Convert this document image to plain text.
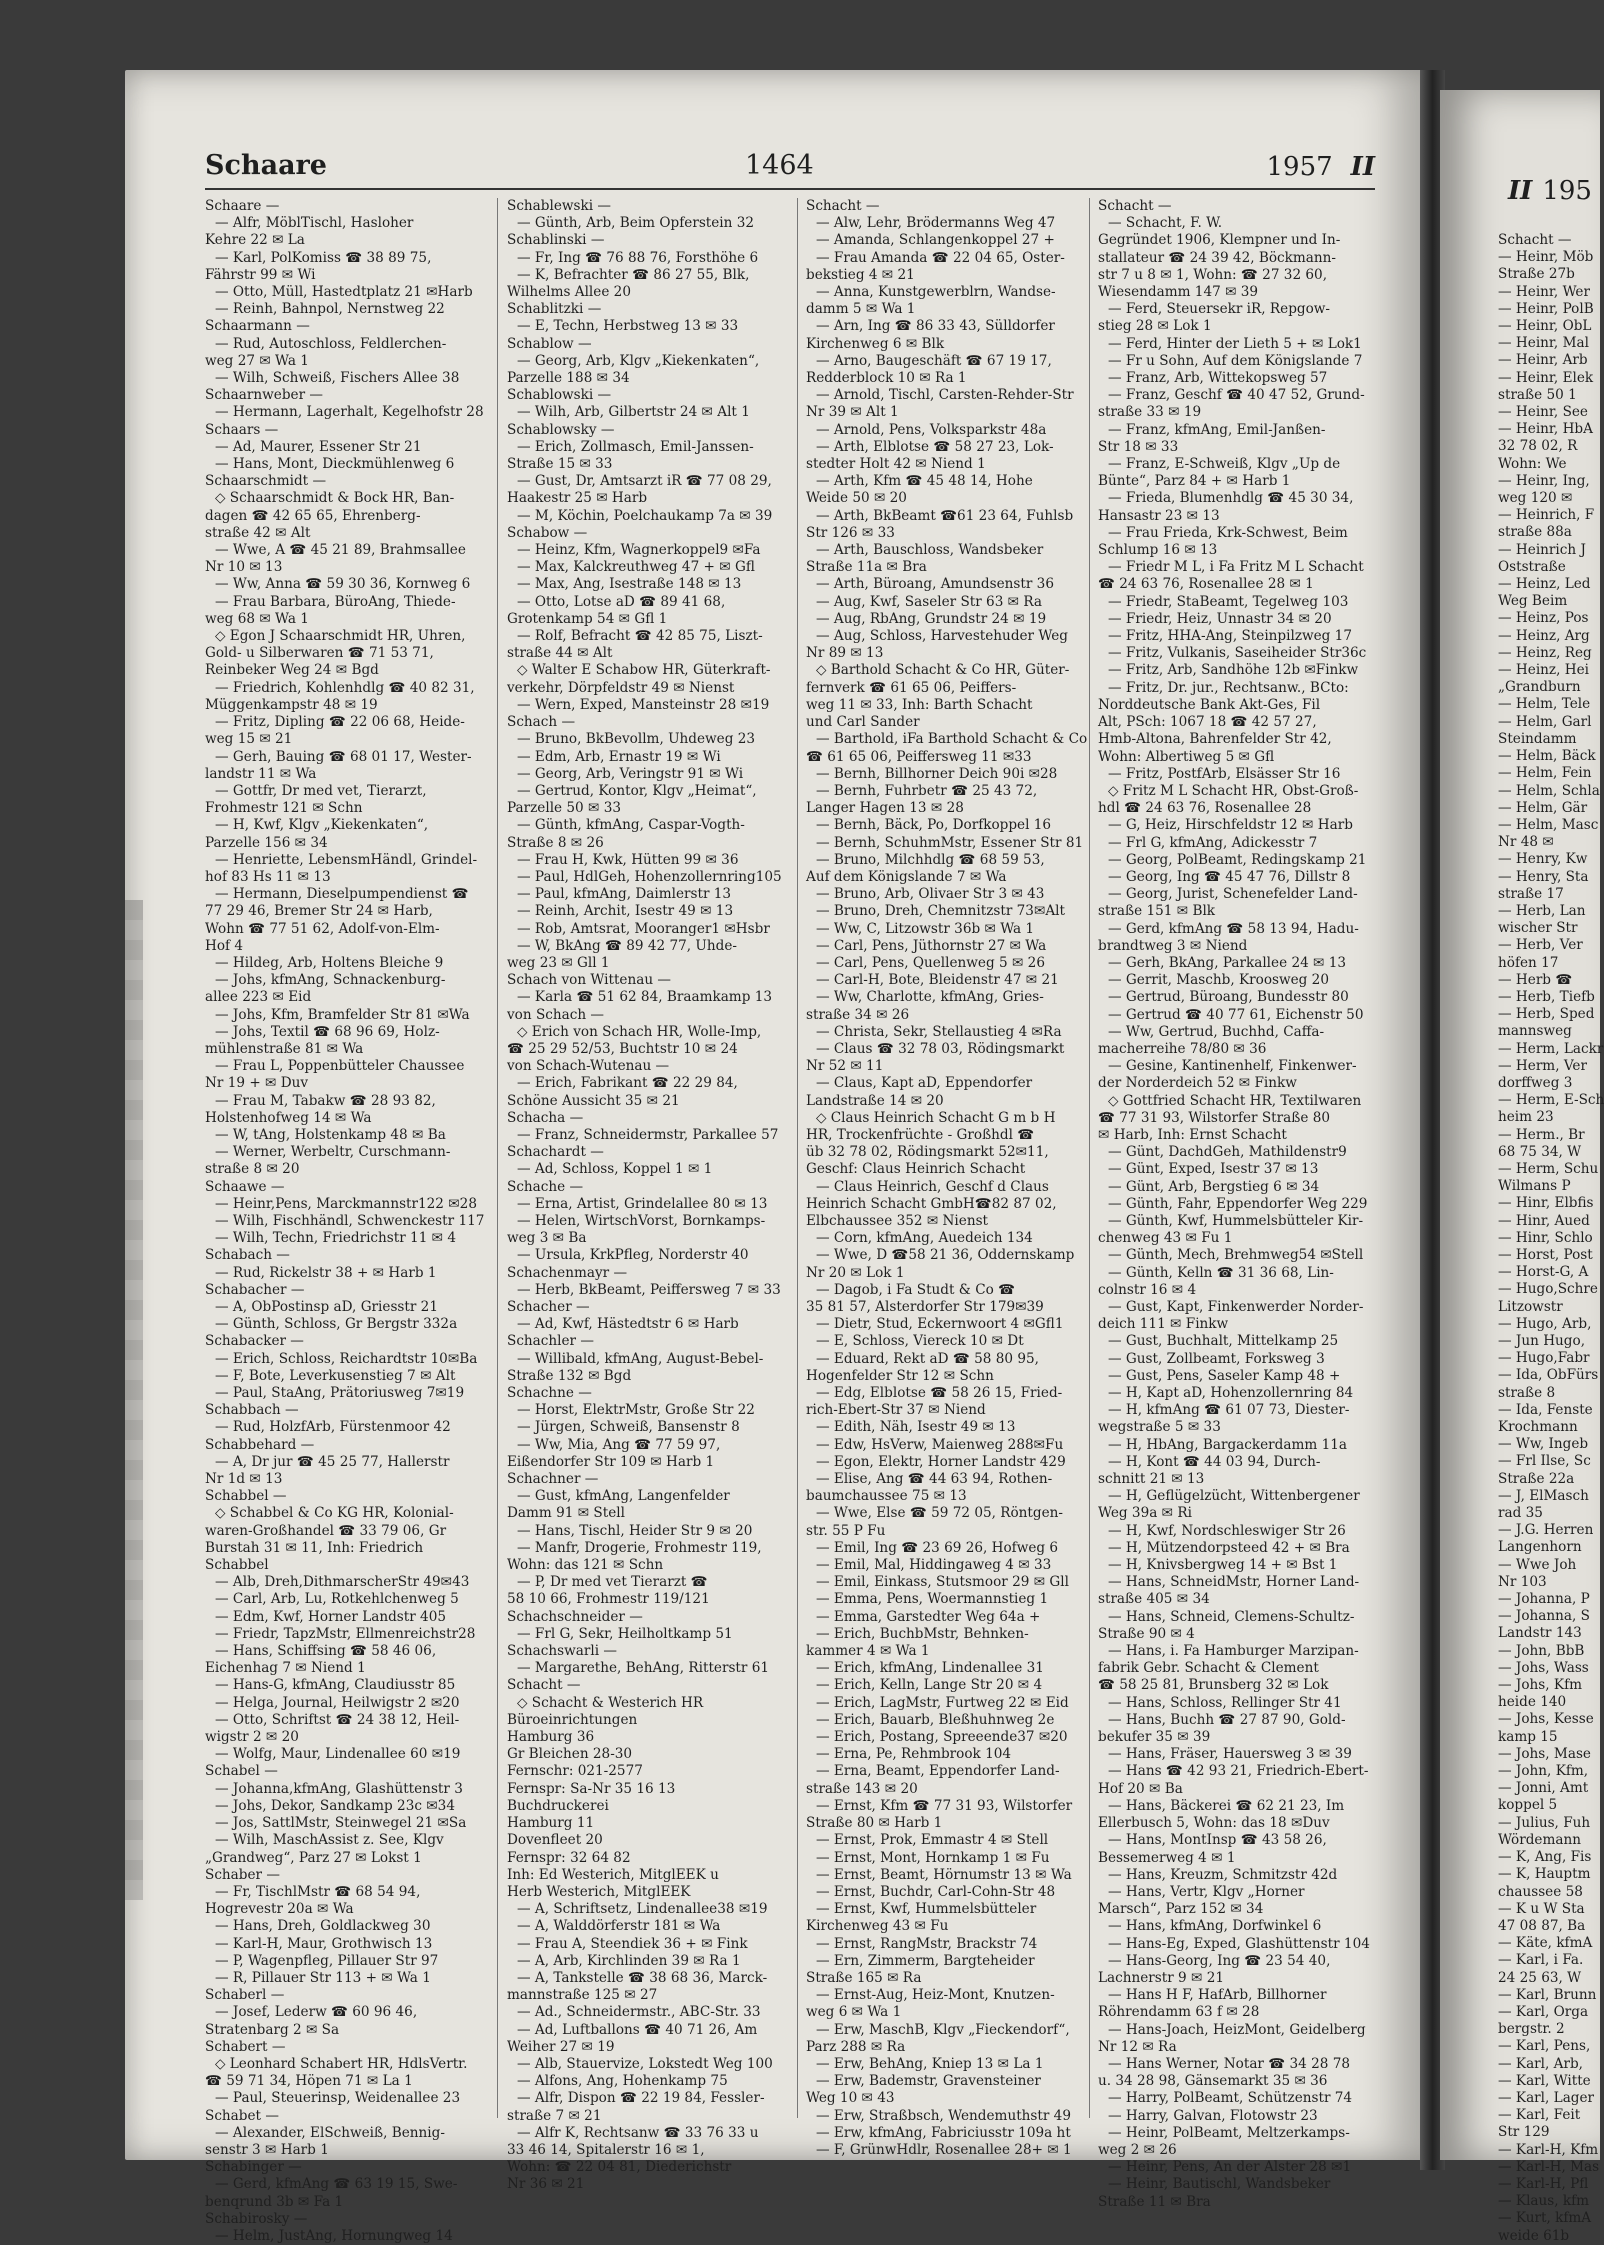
Schaare	1464	1957 II
Schaare —
— Alfr, MöblTischl, Hasloher
Kehre 22 ✉ La
— Karl, PolKomiss ☎ 38 89 75,
Fährstr 99 ✉ Wi
— Otto, Müll, Hastedtplatz 21 ✉Harb
— Reinh, Bahnpol, Nernstweg 22
Schaarmann —
— Rud, Autoschloss, Feldlerchen-
weg 27 ✉ Wa 1
— Wilh, Schweiß, Fischers Allee 38
Schaarnweber —
— Hermann, Lagerhalt, Kegelhofstr 28
Schaars —
— Ad, Maurer, Essener Str 21
— Hans, Mont, Dieckmühlenweg 6
Schaarschmidt —
◇ Schaarschmidt & Bock HR, Ban-
dagen ☎ 42 65 65, Ehrenberg-
straße 42 ✉ Alt
— Wwe, A ☎ 45 21 89, Brahmsallee
Nr 10 ✉ 13
— Ww, Anna ☎ 59 30 36, Kornweg 6
— Frau Barbara, BüroAng, Thiede-
weg 68 ✉ Wa 1
◇ Egon J Schaarschmidt HR, Uhren,
Gold- u Silberwaren ☎ 71 53 71,
Reinbeker Weg 24 ✉ Bgd
— Friedrich, Kohlenhdlg ☎ 40 82 31,
Müggenkampstr 48 ✉ 19
— Fritz, Dipling ☎ 22 06 68, Heide-
weg 15 ✉ 21
— Gerh, Bauing ☎ 68 01 17, Wester-
landstr 11 ✉ Wa
— Gottfr, Dr med vet, Tierarzt,
Frohmestr 121 ✉ Schn
— H, Kwf, Klgv „Kiekenkaten“,
Parzelle 156 ✉ 34
— Henriette, LebensmHändl, Grindel-
hof 83 Hs 11 ✉ 13
— Hermann, Dieselpumpendienst ☎
77 29 46, Bremer Str 24 ✉ Harb,
Wohn ☎ 77 51 62, Adolf-von-Elm-
Hof 4
— Hildeg, Arb, Holtens Bleiche 9
— Johs, kfmAng, Schnackenburg-
allee 223 ✉ Eid
— Johs, Kfm, Bramfelder Str 81 ✉Wa
— Johs, Textil ☎ 68 96 69, Holz-
mühlenstraße 81 ✉ Wa
— Frau L, Poppenbütteler Chaussee
Nr 19 + ✉ Duv
— Frau M, Tabakw ☎ 28 93 82,
Holstenhofweg 14 ✉ Wa
— W, tAng, Holstenkamp 48 ✉ Ba
— Werner, Werbeltr, Curschmann-
straße 8 ✉ 20
Schaawe —
— Heinr,Pens, Marckmannstr122 ✉28
— Wilh, Fischhändl, Schwenckestr 117
— Wilh, Techn, Friedrichstr 11 ✉ 4
Schabach —
— Rud, Rickelstr 38 + ✉ Harb 1
Schabacher —
— A, ObPostinsp aD, Griesstr 21
— Günth, Schloss, Gr Bergstr 332a
Schabacker —
— Erich, Schloss, Reichardtstr 10✉Ba
— F, Bote, Leverkusenstieg 7 ✉ Alt
— Paul, StaAng, Prätoriusweg 7✉19
Schabbach —
— Rud, HolzfArb, Fürstenmoor 42
Schabbehard —
— A, Dr jur ☎ 45 25 77, Hallerstr
Nr 1d ✉ 13
Schabbel —
◇ Schabbel & Co KG HR, Kolonial-
waren-Großhandel ☎ 33 79 06, Gr
Burstah 31 ✉ 11, Inh: Friedrich
Schabbel
— Alb, Dreh,DithmarscherStr 49✉43
— Carl, Arb, Lu, Rotkehlchenweg 5
— Edm, Kwf, Horner Landstr 405
— Friedr, TapzMstr, Ellmenreichstr28
— Hans, Schiffsing ☎ 58 46 06,
Eichenhag 7 ✉ Niend 1
— Hans-G, kfmAng, Claudiusstr 85
— Helga, Journal, Heilwigstr 2 ✉20
— Otto, Schriftst ☎ 24 38 12, Heil-
wigstr 2 ✉ 20
— Wolfg, Maur, Lindenallee 60 ✉19
Schabel —
— Johanna,kfmAng, Glashüttenstr 3
— Johs, Dekor, Sandkamp 23c ✉34
— Jos, SattlMstr, Steinwegel 21 ✉Sa
— Wilh, MaschAssist z. See, Klgv
„Grandweg“, Parz 27 ✉ Lokst 1
Schaber —
— Fr, TischlMstr ☎ 68 54 94,
Hogrevestr 20a ✉ Wa
— Hans, Dreh, Goldlackweg 30
— Karl-H, Maur, Grothwisch 13
— P, Wagenpfleg, Pillauer Str 97
— R, Pillauer Str 113 + ✉ Wa 1
Schaberl —
— Josef, Lederw ☎ 60 96 46,
Stratenbarg 2 ✉ Sa
Schabert —
◇ Leonhard Schabert HR, HdlsVertr.
☎ 59 71 34, Höpen 71 ✉ La 1
— Paul, Steuerinsp, Weidenallee 23
Schabet —
— Alexander, ElSchweiß, Bennig-
senstr 3 ✉ Harb 1
Schabinger —
— Gerd, kfmAng ☎ 63 19 15, Swe-
benqrund 3b ✉ Fa 1
Schabirosky —
— Helm, JustAng, Hornungweg 14
Schablewski —
— Günth, Arb, Beim Opferstein 32
Schablinski —
— Fr, Ing ☎ 76 88 76, Forsthöhe 6
— K, Befrachter ☎ 86 27 55, Blk,
Wilhelms Allee 20
Schablitzki —
— E, Techn, Herbstweg 13 ✉ 33
Schablow —
— Georg, Arb, Klgv „Kiekenkaten“,
Parzelle 188 ✉ 34
Schablowski —
— Wilh, Arb, Gilbertstr 24 ✉ Alt 1
Schablowsky —
— Erich, Zollmasch, Emil-Janssen-
Straße 15 ✉ 33
— Gust, Dr, Amtsarzt iR ☎ 77 08 29,
Haakestr 25 ✉ Harb
— M, Köchin, Poelchaukamp 7a ✉ 39
Schabow —
— Heinz, Kfm, Wagnerkoppel9 ✉Fa
— Max, Kalckreuthweg 47 + ✉ Gfl
— Max, Ang, Isestraße 148 ✉ 13
— Otto, Lotse aD ☎ 89 41 68,
Grotenkamp 54 ✉ Gfl 1
— Rolf, Befracht ☎ 42 85 75, Liszt-
straße 44 ✉ Alt
◇ Walter E Schabow HR, Güterkraft-
verkehr, Dörpfeldstr 49 ✉ Nienst
— Wern, Exped, Mansteinstr 28 ✉19
Schach —
— Bruno, BkBevollm, Uhdeweg 23
— Edm, Arb, Ernastr 19 ✉ Wi
— Georg, Arb, Veringstr 91 ✉ Wi
— Gertrud, Kontor, Klgv „Heimat“,
Parzelle 50 ✉ 33
— Günth, kfmAng, Caspar-Vogth-
Straße 8 ✉ 26
— Frau H, Kwk, Hütten 99 ✉ 36
— Paul, HdlGeh, Hohenzollernring105
— Paul, kfmAng, Daimlerstr 13
— Reinh, Archit, Isestr 49 ✉ 13
— Rob, Amtsrat, Mooranger1 ✉Hsbr
— W, BkAng ☎ 89 42 77, Uhde-
weg 23 ✉ Gll 1
Schach von Wittenau —
— Karla ☎ 51 62 84, Braamkamp 13
von Schach —
◇ Erich von Schach HR, Wolle-Imp,
☎ 25 29 52/53, Buchtstr 10 ✉ 24
von Schach-Wutenau —
— Erich, Fabrikant ☎ 22 29 84,
Schöne Aussicht 35 ✉ 21
Schacha —
— Franz, Schneidermstr, Parkallee 57
Schachardt —
— Ad, Schloss, Koppel 1 ✉ 1
Schache —
— Erna, Artist, Grindelallee 80 ✉ 13
— Helen, WirtschVorst, Bornkamps-
weg 3 ✉ Ba
— Ursula, KrkPfleg, Norderstr 40
Schachenmayr —
— Herb, BkBeamt, Peiffersweg 7 ✉ 33
Schacher —
— Ad, Kwf, Hästedtstr 6 ✉ Harb
Schachler —
— Willibald, kfmAng, August-Bebel-
Straße 132 ✉ Bgd
Schachne —
— Horst, ElektrMstr, Große Str 22
— Jürgen, Schweiß, Bansenstr 8
— Ww, Mia, Ang ☎ 77 59 97,
Eißendorfer Str 109 ✉ Harb 1
Schachner —
— Gust, kfmAng, Langenfelder
Damm 91 ✉ Stell
— Hans, Tischl, Heider Str 9 ✉ 20
— Manfr, Drogerie, Frohmestr 119,
Wohn: das 121 ✉ Schn
— P, Dr med vet Tierarzt ☎
58 10 66, Frohmestr 119/121
Schachschneider —
— Frl G, Sekr, Heilholtkamp 51
Schachswarli —
— Margarethe, BehAng, Ritterstr 61
Schacht —
◇ Schacht & Westerich HR
Büroeinrichtungen
Hamburg 36
Gr Bleichen 28-30
Fernschr: 021-2577
Fernspr: Sa-Nr 35 16 13
Buchdruckerei
Hamburg 11
Dovenfleet 20
Fernspr: 32 64 82
Inh: Ed Westerich, MitglEEK u
Herb Westerich, MitglEEK
— A, Schriftsetz, Lindenallee38 ✉19
— A, Walddörferstr 181 ✉ Wa
— Frau A, Steendiek 36 + ✉ Fink
— A, Arb, Kirchlinden 39 ✉ Ra 1
— A, Tankstelle ☎ 38 68 36, Marck-
mannstraße 125 ✉ 27
— Ad., Schneidermstr., ABC-Str. 33
— Ad, Luftballons ☎ 40 71 26, Am
Weiher 27 ✉ 19
— Alb, Stauervize, Lokstedt Weg 100
— Alfons, Ang, Hohenkamp 75
— Alfr, Dispon ☎ 22 19 84, Fessler-
straße 7 ✉ 21
— Alfr K, Rechtsanw ☎ 33 76 33 u
33 46 14, Spitalerstr 16 ✉ 1,
Wohn: ☎ 22 04 81, Diederichstr
Nr 36 ✉ 21
Schacht —
— Alw, Lehr, Brödermanns Weg 47
— Amanda, Schlangenkoppel 27 +
— Frau Amanda ☎ 22 04 65, Oster-
bekstieg 4 ✉ 21
— Anna, Kunstgewerblrn, Wandse-
damm 5 ✉ Wa 1
— Arn, Ing ☎ 86 33 43, Sülldorfer
Kirchenweg 6 ✉ Blk
— Arno, Baugeschäft ☎ 67 19 17,
Redderblock 10 ✉ Ra 1
— Arnold, Tischl, Carsten-Rehder-Str
Nr 39 ✉ Alt 1
— Arnold, Pens, Volksparkstr 48a
— Arth, Elblotse ☎ 58 27 23, Lok-
stedter Holt 42 ✉ Niend 1
— Arth, Kfm ☎ 45 48 14, Hohe
Weide 50 ✉ 20
— Arth, BkBeamt ☎61 23 64, Fuhlsb
Str 126 ✉ 33
— Arth, Bauschloss, Wandsbeker
Straße 11a ✉ Bra
— Arth, Büroang, Amundsenstr 36
— Aug, Kwf, Saseler Str 63 ✉ Ra
— Aug, RbAng, Grundstr 24 ✉ 19
— Aug, Schloss, Harvestehuder Weg
Nr 89 ✉ 13
◇ Barthold Schacht & Co HR, Güter-
fernverk ☎ 61 65 06, Peiffers-
weg 11 ✉ 33, Inh: Barth Schacht
und Carl Sander
— Barthold, iFa Barthold Schacht & Co
☎ 61 65 06, Peiffersweg 11 ✉33
— Bernh, Billhorner Deich 90i ✉28
— Bernh, Fuhrbetr ☎ 25 43 72,
Langer Hagen 13 ✉ 28
— Bernh, Bäck, Po, Dorfkoppel 16
— Bernh, SchuhmMstr, Essener Str 81
— Bruno, Milchhdlg ☎ 68 59 53,
Auf dem Königslande 7 ✉ Wa
— Bruno, Arb, Olivaer Str 3 ✉ 43
— Bruno, Dreh, Chemnitzstr 73✉Alt
— Ww, C, Litzowstr 36b ✉ Wa 1
— Carl, Pens, Jüthornstr 27 ✉ Wa
— Carl, Pens, Quellenweg 5 ✉ 26
— Carl-H, Bote, Bleidenstr 47 ✉ 21
— Ww, Charlotte, kfmAng, Gries-
straße 34 ✉ 26
— Christa, Sekr, Stellaustieg 4 ✉Ra
— Claus ☎ 32 78 03, Rödingsmarkt
Nr 52 ✉ 11
— Claus, Kapt aD, Eppendorfer
Landstraße 14 ✉ 20
◇ Claus Heinrich Schacht G m b H
HR, Trockenfrüchte - Großhdl ☎
üb 32 78 02, Rödingsmarkt 52✉11,
Geschf: Claus Heinrich Schacht
— Claus Heinrich, Geschf d Claus
Heinrich Schacht GmbH☎82 87 02,
Elbchaussee 352 ✉ Nienst
— Corn, kfmAng, Auedeich 134
— Wwe, D ☎58 21 36, Oddernskamp
Nr 20 ✉ Lok 1
— Dagob, i Fa Studt & Co ☎
35 81 57, Alsterdorfer Str 179✉39
— Dietr, Stud, Eckernwoort 4 ✉Gfl1
— E, Schloss, Viereck 10 ✉ Dt
— Eduard, Rekt aD ☎ 58 80 95,
Hogenfelder Str 12 ✉ Schn
— Edg, Elblotse ☎ 58 26 15, Fried-
rich-Ebert-Str 37 ✉ Niend
— Edith, Näh, Isestr 49 ✉ 13
— Edw, HsVerw, Maienweg 288✉Fu
— Egon, Elektr, Horner Landstr 429
— Elise, Ang ☎ 44 63 94, Rothen-
baumchaussee 75 ✉ 13
— Wwe, Else ☎ 59 72 05, Röntgen-
str. 55 P Fu
— Emil, Ing ☎ 23 69 26, Hofweg 6
— Emil, Mal, Hiddingaweg 4 ✉ 33
— Emil, Einkass, Stutsmoor 29 ✉ Gll
— Emma, Pens, Woermannstieg 1
— Emma, Garstedter Weg 64a +
— Erich, BuchbMstr, Behnken-
kammer 4 ✉ Wa 1
— Erich, kfmAng, Lindenallee 31
— Erich, Kelln, Lange Str 20 ✉ 4
— Erich, LagMstr, Furtweg 22 ✉ Eid
— Erich, Bauarb, Bleßhuhnweg 2e
— Erich, Postang, Spreeende37 ✉20
— Erna, Pe, Rehmbrook 104
— Erna, Beamt, Eppendorfer Land-
straße 143 ✉ 20
— Ernst, Kfm ☎ 77 31 93, Wilstorfer
Straße 80 ✉ Harb 1
— Ernst, Prok, Emmastr 4 ✉ Stell
— Ernst, Mont, Hornkamp 1 ✉ Fu
— Ernst, Beamt, Hörnumstr 13 ✉ Wa
— Ernst, Buchdr, Carl-Cohn-Str 48
— Ernst, Kwf, Hummelsbütteler
Kirchenweg 43 ✉ Fu
— Ernst, RangMstr, Brackstr 74
— Ern, Zimmerm, Bargteheider
Straße 165 ✉ Ra
— Ernst-Aug, Heiz-Mont, Knutzen-
weg 6 ✉ Wa 1
— Erw, MaschB, Klgv „Fieckendorf“,
Parz 288 ✉ Ra
— Erw, BehAng, Kniep 13 ✉ La 1
— Erw, Bademstr, Gravensteiner
Weg 10 ✉ 43
— Erw, Straßbsch, Wendemuthstr 49
— Erw, kfmAng, Fabriciusstr 109a ht
— F, GrünwHdlr, Rosenallee 28+ ✉ 1
Schacht —
— Schacht, F. W.
Gegründet 1906, Klempner und In-
stallateur ☎ 24 39 42, Böckmann-
str 7 u 8 ✉ 1, Wohn: ☎ 27 32 60,
Wiesendamm 147 ✉ 39
— Ferd, Steuersekr iR, Repgow-
stieg 28 ✉ Lok 1
— Ferd, Hinter der Lieth 5 + ✉ Lok1
— Fr u Sohn, Auf dem Königslande 7
— Franz, Arb, Wittekopsweg 57
— Franz, Geschf ☎ 40 47 52, Grund-
straße 33 ✉ 19
— Franz, kfmAng, Emil-Janßen-
Str 18 ✉ 33
— Franz, E-Schweiß, Klgv „Up de
Bünte“, Parz 84 + ✉ Harb 1
— Frieda, Blumenhdlg ☎ 45 30 34,
Hansastr 23 ✉ 13
— Frau Frieda, Krk-Schwest, Beim
Schlump 16 ✉ 13
— Friedr M L, i Fa Fritz M L Schacht
☎ 24 63 76, Rosenallee 28 ✉ 1
— Friedr, StaBeamt, Tegelweg 103
— Friedr, Heiz, Unnastr 34 ✉ 20
— Fritz, HHA-Ang, Steinpilzweg 17
— Fritz, Vulkanis, Saseiheider Str36c
— Fritz, Arb, Sandhöhe 12b ✉Finkw
— Fritz, Dr. jur., Rechtsanw., BCto:
Norddeutsche Bank Akt-Ges, Fil
Alt, PSch: 1067 18 ☎ 42 57 27,
Hmb-Altona, Bahrenfelder Str 42,
Wohn: Albertiweg 5 ✉ Gfl
— Fritz, PostfArb, Elsässer Str 16
◇ Fritz M L Schacht HR, Obst-Groß-
hdl ☎ 24 63 76, Rosenallee 28
— G, Heiz, Hirschfeldstr 12 ✉ Harb
— Frl G, kfmAng, Adickesstr 7
— Georg, PolBeamt, Redingskamp 21
— Georg, Ing ☎ 45 47 76, Dillstr 8
— Georg, Jurist, Schenefelder Land-
straße 151 ✉ Blk
— Gerd, kfmAng ☎ 58 13 94, Hadu-
brandtweg 3 ✉ Niend
— Gerh, BkAng, Parkallee 24 ✉ 13
— Gerrit, Maschb, Kroosweg 20
— Gertrud, Büroang, Bundesstr 80
— Gertrud ☎ 40 77 61, Eichenstr 50
— Ww, Gertrud, Buchhd, Caffa-
macherreihe 78/80 ✉ 36
— Gesine, Kantinenhelf, Finkenwer-
der Norderdeich 52 ✉ Finkw
◇ Gottfried Schacht HR, Textilwaren
☎ 77 31 93, Wilstorfer Straße 80
✉ Harb, Inh: Ernst Schacht
— Günt, DachdGeh, Mathildenstr9
— Günt, Exped, Isestr 37 ✉ 13
— Günt, Arb, Bergstieg 6 ✉ 34
— Günth, Fahr, Eppendorfer Weg 229
— Günth, Kwf, Hummelsbütteler Kir-
chenweg 43 ✉ Fu 1
— Günth, Mech, Brehmweg54 ✉Stell
— Günth, Kelln ☎ 31 36 68, Lin-
colnstr 16 ✉ 4
— Gust, Kapt, Finkenwerder Norder-
deich 111 ✉ Finkw
— Gust, Buchhalt, Mittelkamp 25
— Gust, Zollbeamt, Forksweg 3
— Gust, Pens, Saseler Kamp 48 +
— H, Kapt aD, Hohenzollernring 84
— H, kfmAng ☎ 61 07 73, Diester-
wegstraße 5 ✉ 33
— H, HbAng, Bargackerdamm 11a
— H, Kont ☎ 44 03 94, Durch-
schnitt 21 ✉ 13
— H, Geflügelzücht, Wittenbergener
Weg 39a ✉ Ri
— H, Kwf, Nordschleswiger Str 26
— H, Mützendorpsteed 42 + ✉ Bra
— H, Knivsbergweg 14 + ✉ Bst 1
— Hans, SchneidMstr, Horner Land-
straße 405 ✉ 34
— Hans, Schneid, Clemens-Schultz-
Straße 90 ✉ 4
— Hans, i. Fa Hamburger Marzipan-
fabrik Gebr. Schacht & Clement
☎ 58 25 81, Brunsberg 32 ✉ Lok
— Hans, Schloss, Rellinger Str 41
— Hans, Buchh ☎ 27 87 90, Gold-
bekufer 35 ✉ 39
— Hans, Fräser, Hauersweg 3 ✉ 39
— Hans ☎ 42 93 21, Friedrich-Ebert-
Hof 20 ✉ Ba
— Hans, Bäckerei ☎ 62 21 23, Im
Ellerbusch 5, Wohn: das 18 ✉Duv
— Hans, MontInsp ☎ 43 58 26,
Bessemerweg 4 ✉ 1
— Hans, Kreuzm, Schmitzstr 42d
— Hans, Vertr, Klgv „Horner
Marsch“, Parz 152 ✉ 34
— Hans, kfmAng, Dorfwinkel 6
— Hans-Eg, Exped, Glashüttenstr 104
— Hans-Georg, Ing ☎ 23 54 40,
Lachnerstr 9 ✉ 21
— Hans H F, HafArb, Billhorner
Röhrendamm 63 f ✉ 28
— Hans-Joach, HeizMont, Geidelberg
Nr 12 ✉ Ra
— Hans Werner, Notar ☎ 34 28 78
u. 34 28 98, Gänsemarkt 35 ✉ 36
— Harry, PolBeamt, Schützenstr 74
— Harry, Galvan, Flotowstr 23
— Heinr, PolBeamt, Meltzerkamps-
weg 2 ✉ 26
— Heinr, Pens, An der Alster 28 ✉1
— Heinr, Bautischl, Wandsbeker
Straße 11 ✉ Bra
II 195
Schacht —
— Heinr, Möb
Straße 27b
— Heinr, Wer
— Heinr, PolB
— Heinr, ObL
— Heinr, Mal
— Heinr, Arb
— Heinr, Elek
straße 50 1
— Heinr, See
— Heinr, HbA
32 78 02, R
Wohn: We
— Heinr, Ing,
weg 120 ✉
— Heinrich, F
straße 88a
— Heinrich J
Oststraße
— Heinz, Led
Weg Beim
— Heinz, Pos
— Heinz, Arg
— Heinz, Reg
— Heinz, Hei
„Grandburn
— Helm, Tele
— Helm, Garl
Steindamm
— Helm, Bäck
— Helm, Fein
— Helm, Schla
— Helm, Gär
— Helm, Masc
Nr 48 ✉
— Henry, Kw
— Henry, Sta
straße 17
— Herb, Lan
wischer Str
— Herb, Ver
höfen 17
— Herb ☎
— Herb, Tiefb
— Herb, Sped
mannsweg
— Herm, Lackr
— Herm, Ver
dorffweg 3
— Herm, E-Sch
heim 23
— Herm., Br
68 75 34, W
— Herm, Schu
Wilmans P
— Hinr, Elbfis
— Hinr, Aued
— Hinr, Schlo
— Horst, Post
— Horst-G, A
— Hugo,Schre
Litzowstr
— Hugo, Arb,
— Jun Hugo,
— Hugo,Fabr
— Ida, ObFürs
straße 8
— Ida, Fenste
Krochmann
— Ww, Ingeb
— Frl Ilse, Sc
Straße 22a
— J, ElMasch
rad 35
— J.G. Herren
Langenhorn
— Wwe Joh
Nr 103
— Johanna, P
— Johanna, S
Landstr 143
— John, BbB
— Johs, Wass
— Johs, Kfm
heide 140
— Johs, Kesse
kamp 15
— Johs, Mase
— John, Kfm,
— Jonni, Amt
koppel 5
— Julius, Fuh
Wördemann
— K, Ang, Fis
— K, Hauptm
chaussee 58
— K u W Sta
47 08 87, Ba
— Käte, kfmA
— Karl, i Fa.
24 25 63, W
— Karl, Brunn
— Karl, Orga
bergstr. 2
— Karl, Pens,
— Karl, Arb,
— Karl, Witte
— Karl, Lager
— Karl, Feit
Str 129
— Karl-H, Kfm
— Karl-H, Mas
— Karl-H, Pfl
— Klaus, kfm
— Kurt, kfmA
weide 61b
